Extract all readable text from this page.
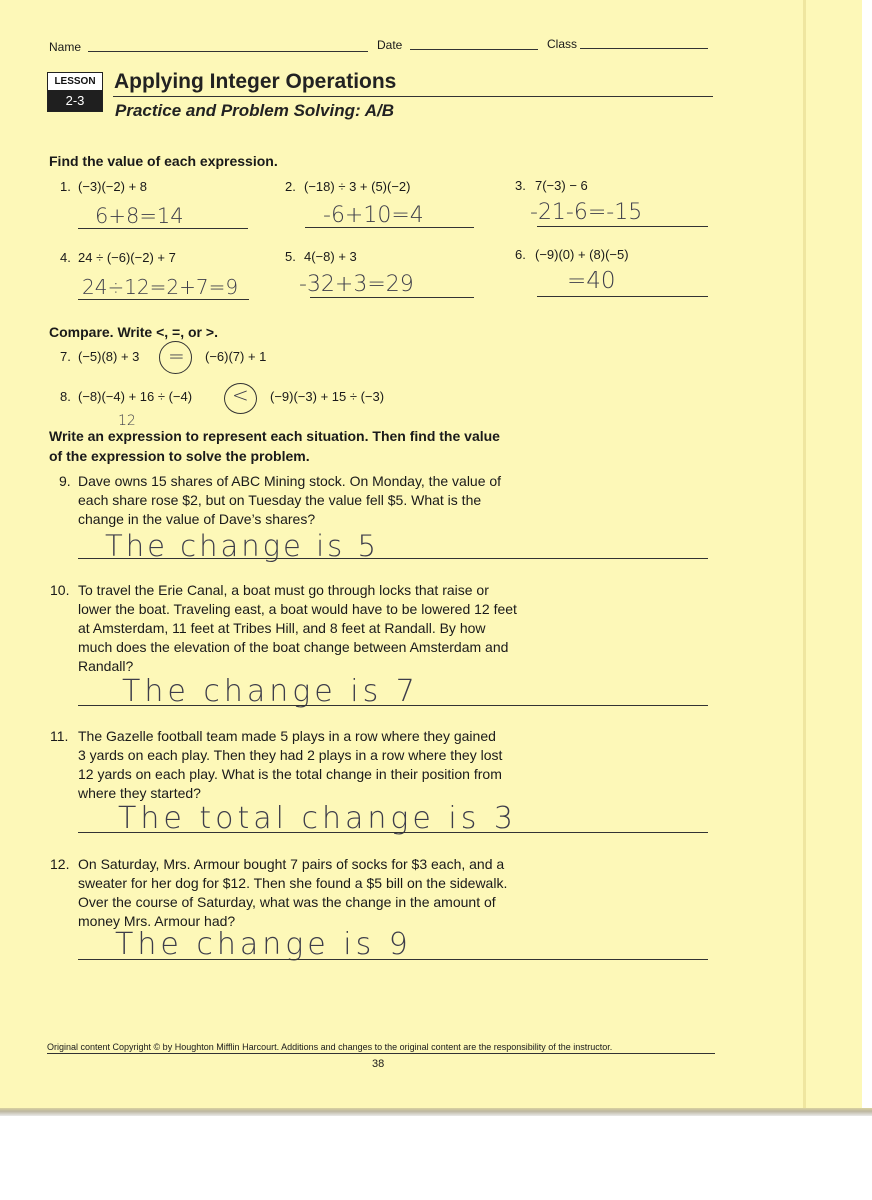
Name	Date	Class
LESSON
2-3
Applying Integer Operations
Practice and Problem Solving: A/B
Find the value of each expression.
1. (−3)(−2) + 8
6+8=14
2. (−18) ÷ 3 + (5)(−2)
-6+10=4
3. 7(−3) − 6
-21-6=-15
4. 24 ÷ (−6)(−2) + 7
24÷12=2+7=9
5. 4(−8) + 3
-32+3=29
6. (−9)(0) + (8)(−5)
=40
Compare. Write <, =, or >.
7. (−5)(8) + 3 = (−6)(7) + 1
8. (−8)(−4) + 16 ÷ (−4) < (−9)(−3) + 15 ÷ (−3)
12
Write an expression to represent each situation. Then find the value
of the expression to solve the problem.
9. Dave owns 15 shares of ABC Mining stock. On Monday, the value of
each share rose $2, but on Tuesday the value fell $5. What is the
change in the value of Dave’s shares?
The change is 5
10. To travel the Erie Canal, a boat must go through locks that raise or
lower the boat. Traveling east, a boat would have to be lowered 12 feet
at Amsterdam, 11 feet at Tribes Hill, and 8 feet at Randall. By how
much does the elevation of the boat change between Amsterdam and
Randall?
The change is 7
11. The Gazelle football team made 5 plays in a row where they gained
3 yards on each play. Then they had 2 plays in a row where they lost
12 yards on each play. What is the total change in their position from
where they started?
The total change is 3
12. On Saturday, Mrs. Armour bought 7 pairs of socks for $3 each, and a
sweater for her dog for $12. Then she found a $5 bill on the sidewalk.
Over the course of Saturday, what was the change in the amount of
money Mrs. Armour had?
The change is 9
Original content Copyright © by Houghton Mifflin Harcourt. Additions and changes to the original content are the responsibility of the instructor.
38
